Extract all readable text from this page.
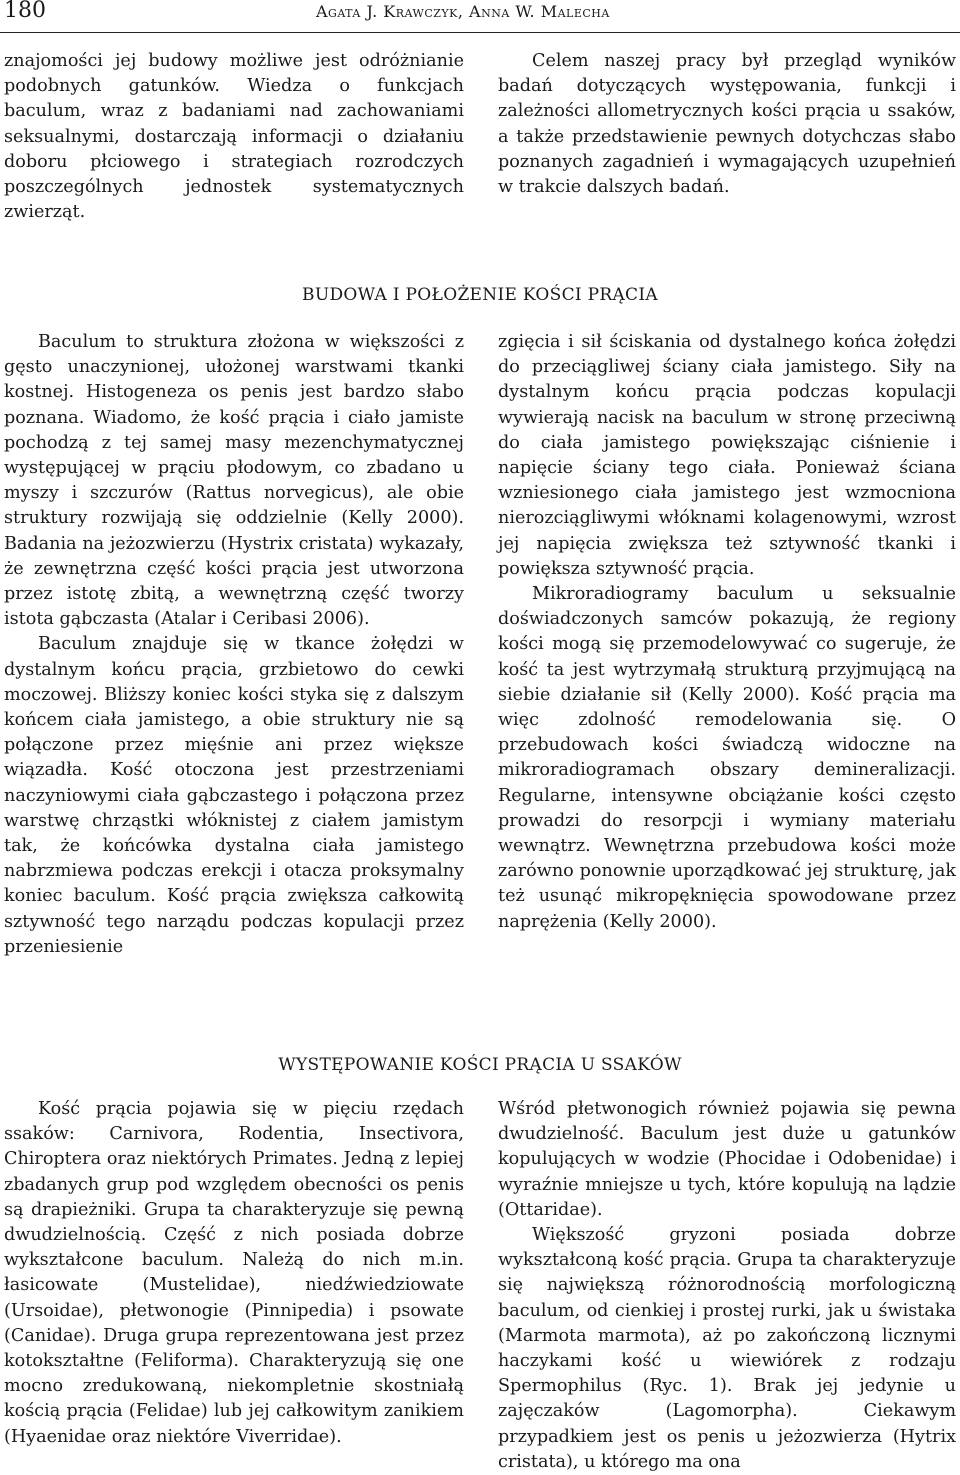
180	Agata J. Krawczyk, Anna W. Malecha

znajomości jej budowy możliwe jest odróżnianie podobnych gatunków. Wiedza o funkcjach baculum, wraz z badaniami nad zachowaniami seksualnymi, dostarczają informacji o działaniu doboru płciowego i strategiach rozrodczych poszczególnych jednostek systematycznych zwierząt.

Celem naszej pracy był przegląd wyników badań dotyczących występowania, funkcji i zależności allometrycznych kości prącia u ssaków, a także przedstawienie pewnych dotychczas słabo poznanych zagadnień i wymagających uzupełnień w trakcie dalszych badań.

BUDOWA I POŁOŻENIE KOŚCI PRĄCIA

Baculum to struktura złożona w większości z gęsto unaczynionej, ułożonej warstwami tkanki kostnej. Histogeneza os penis jest bardzo słabo poznana. Wiadomo, że kość prącia i ciało jamiste pochodzą z tej samej masy mezenchymatycznej występującej w prąciu płodowym, co zbadano u myszy i szczurów (Rattus norvegicus), ale obie struktury rozwijają się oddzielnie (Kelly 2000). Badania na jeżozwierzu (Hystrix cristata) wykazały, że zewnętrzna część kości prącia jest utworzona przez istotę zbitą, a wewnętrzną część tworzy istota gąbczasta (Atalar i Ceribasi 2006).

Baculum znajduje się w tkance żołędzi w dystalnym końcu prącia, grzbietowo do cewki moczowej. Bliższy koniec kości styka się z dalszym końcem ciała jamistego, a obie struktury nie są połączone przez mięśnie ani przez większe wiązadła. Kość otoczona jest przestrzeniami naczyniowymi ciała gąbczastego i połączona przez warstwę chrząstki włóknistej z ciałem jamistym tak, że końcówka dystalna ciała jamistego nabrzmiewa podczas erekcji i otacza proksymalny koniec baculum. Kość prącia zwiększa całkowitą sztywność tego narządu podczas kopulacji przez przeniesienie

zgięcia i sił ściskania od dystalnego końca żołędzi do przeciągliwej ściany ciała jamistego. Siły na dystalnym końcu prącia podczas kopulacji wywierają nacisk na baculum w stronę przeciwną do ciała jamistego powiększając ciśnienie i napięcie ściany tego ciała. Ponieważ ściana wzniesionego ciała jamistego jest wzmocniona nierozciągliwymi włóknami kolagenowymi, wzrost jej napięcia zwiększa też sztywność tkanki i powiększa sztywność prącia.

Mikroradiogramy baculum u seksualnie doświadczonych samców pokazują, że regiony kości mogą się przemodelowywać co sugeruje, że kość ta jest wytrzymałą strukturą przyjmującą na siebie działanie sił (Kelly 2000). Kość prącia ma więc zdolność remodelowania się. O przebudowach kości świadczą widoczne na mikroradiogramach obszary demineralizacji. Regularne, intensywne obciążanie kości często prowadzi do resorpcji i wymiany materiału wewnątrz. Wewnętrzna przebudowa kości może zarówno ponownie uporządkować jej strukturę, jak też usunąć mikropęknięcia spowodowane przez naprężenia (Kelly 2000).

WYSTĘPOWANIE KOŚCI PRĄCIA U SSAKÓW

Kość prącia pojawia się w pięciu rzędach ssaków: Carnivora, Rodentia, Insectivora, Chiroptera oraz niektórych Primates. Jedną z lepiej zbadanych grup pod względem obecności os penis są drapieżniki. Grupa ta charakteryzuje się pewną dwudzielnością. Część z nich posiada dobrze wykształcone baculum. Należą do nich m.in. łasicowate (Mustelidae), niedźwiedziowate (Ursoidae), płetwonogie (Pinnipedia) i psowate (Canidae). Druga grupa reprezentowana jest przez kotokształtne (Feliforma). Charakteryzują się one mocno zredukowaną, niekompletnie skostniałą kością prącia (Felidae) lub jej całkowitym zanikiem (Hyaenidae oraz niektóre Viverridae).

Wśród płetwonogich również pojawia się pewna dwudzielność. Baculum jest duże u gatunków kopulujących w wodzie (Phocidae i Odobenidae) i wyraźnie mniejsze u tych, które kopulują na lądzie (Ottaridae).

Większość gryzoni posiada dobrze wykształconą kość prącia. Grupa ta charakteryzuje się największą różnorodnością morfologiczną baculum, od cienkiej i prostej rurki, jak u świstaka (Marmota marmota), aż po zakończoną licznymi haczykami kość u wiewiórek z rodzaju Spermophilus (Ryc. 1). Brak jej jedynie u zajęczaków (Lagomorpha). Ciekawym przypadkiem jest os penis u jeżozwierza (Hytrix cristata), u którego ma ona
